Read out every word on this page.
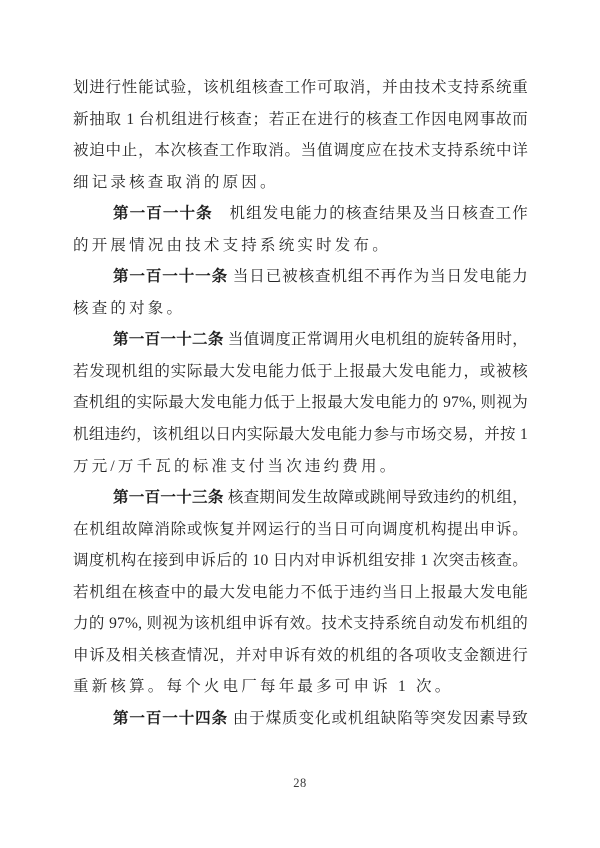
划进行性能试验，该机组核查工作可取消，并由技术支持系统重
新抽取 1 台机组进行核查；若正在进行的核查工作因电网事故而
被迫中止，本次核查工作取消。当值调度应在技术支持系统中详
细记录核查取消的原因。
第一百一十条　机组发电能力的核查结果及当日核查工作
的开展情况由技术支持系统实时发布。
第一百一十一条 当日已被核查机组不再作为当日发电能力
核查的对象。
第一百一十二条 当值调度正常调用火电机组的旋转备用时，
若发现机组的实际最大发电能力低于上报最大发电能力，或被核
查机组的实际最大发电能力低于上报最大发电能力的 97%, 则视为
机组违约，该机组以日内实际最大发电能力参与市场交易，并按 1
万元/万千瓦的标准支付当次违约费用。
第一百一十三条 核查期间发生故障或跳闸导致违约的机组，
在机组故障消除或恢复并网运行的当日可向调度机构提出申诉。
调度机构在接到申诉后的 10 日内对申诉机组安排 1 次突击核查。
若机组在核查中的最大发电能力不低于违约当日上报最大发电能
力的 97%, 则视为该机组申诉有效。技术支持系统自动发布机组的
申诉及相关核查情况，并对申诉有效的机组的各项收支金额进行
重新核算。每个火电厂每年最多可申诉 1 次。
第一百一十四条 由于煤质变化或机组缺陷等突发因素导致
28
